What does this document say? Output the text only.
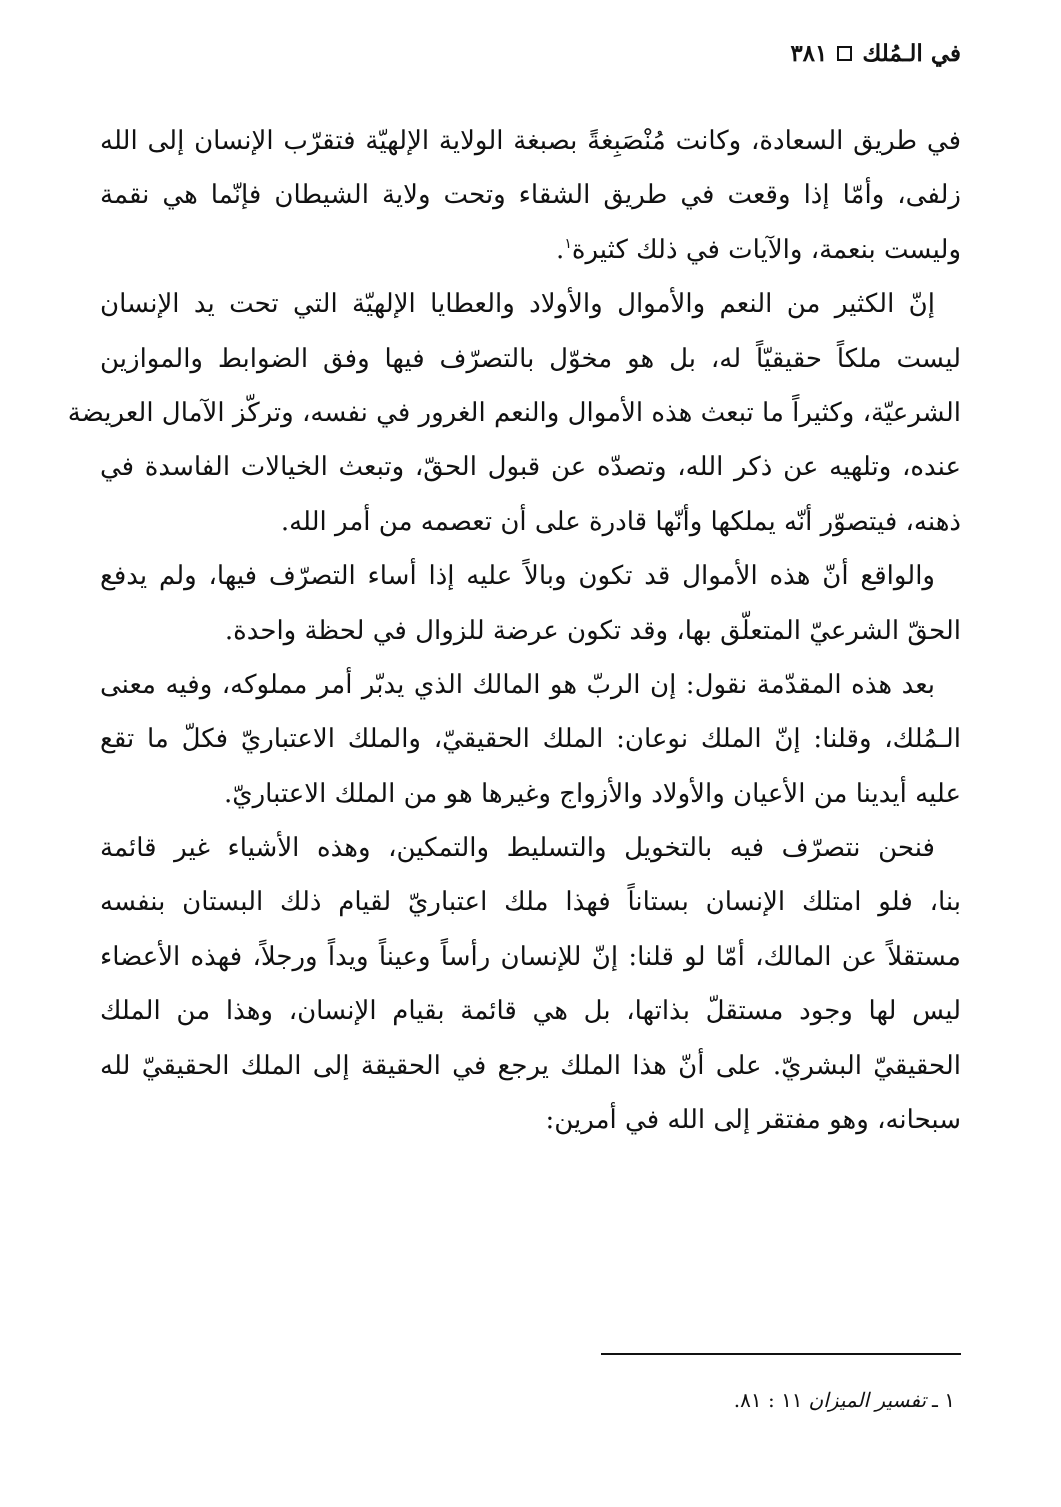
في الـمُلك
٣٨١
في طريق السعادة، وكانت مُنْصَبِغةً بصبغة الولاية الإلهيّة فتقرّب الإنسان إلى الله
زلفى، وأمّا إذا وقعت في طريق الشقاء وتحت ولاية الشيطان فإنّما هي نقمة
وليست بنعمة، والآيات في ذلك كثيرة$^١$.
إنّ الكثير من النعم والأموال والأولاد والعطايا الإلهيّة التي تحت يد الإنسان
ليست ملكاً حقيقيّاً له، بل هو مخوّل بالتصرّف فيها وفق الضوابط والموازين
الشرعيّة، وكثيراً ما تبعث هذه الأموال والنعم الغرور في نفسه، وتركّز الآمال العريضة
عنده، وتلهيه عن ذكر الله، وتصدّه عن قبول الحقّ، وتبعث الخيالات الفاسدة في
ذهنه، فيتصوّر أنّه يملكها وأنّها قادرة على أن تعصمه من أمر الله.
والواقع أنّ هذه الأموال قد تكون وبالاً عليه إذا أساء التصرّف فيها، ولم يدفع
الحقّ الشرعيّ المتعلّق بها، وقد تكون عرضة للزوال في لحظة واحدة.
بعد هذه المقدّمة نقول: إن الربّ هو المالك الذي يدبّر أمر مملوكه، وفيه معنى
الـمُلك، وقلنا: إنّ الملك نوعان: الملك الحقيقيّ، والملك الاعتباريّ فكلّ ما تقع
عليه أيدينا من الأعيان والأولاد والأزواج وغيرها هو من الملك الاعتباريّ.
فنحن نتصرّف فيه بالتخويل والتسليط والتمكين، وهذه الأشياء غير قائمة
بنا، فلو امتلك الإنسان بستاناً فهذا ملك اعتباريّ لقيام ذلك البستان بنفسه
مستقلاً عن المالك، أمّا لو قلنا: إنّ للإنسان رأساً وعيناً ويداً ورجلاً، فهذه الأعضاء
ليس لها وجود مستقلّ بذاتها، بل هي قائمة بقيام الإنسان، وهذا من الملك
الحقيقيّ البشريّ. على أنّ هذا الملك يرجع في الحقيقة إلى الملك الحقيقيّ لله
سبحانه، وهو مفتقر إلى الله في أمرين:
١ ـ
تفسير الميزان
١١ : ٨١.
